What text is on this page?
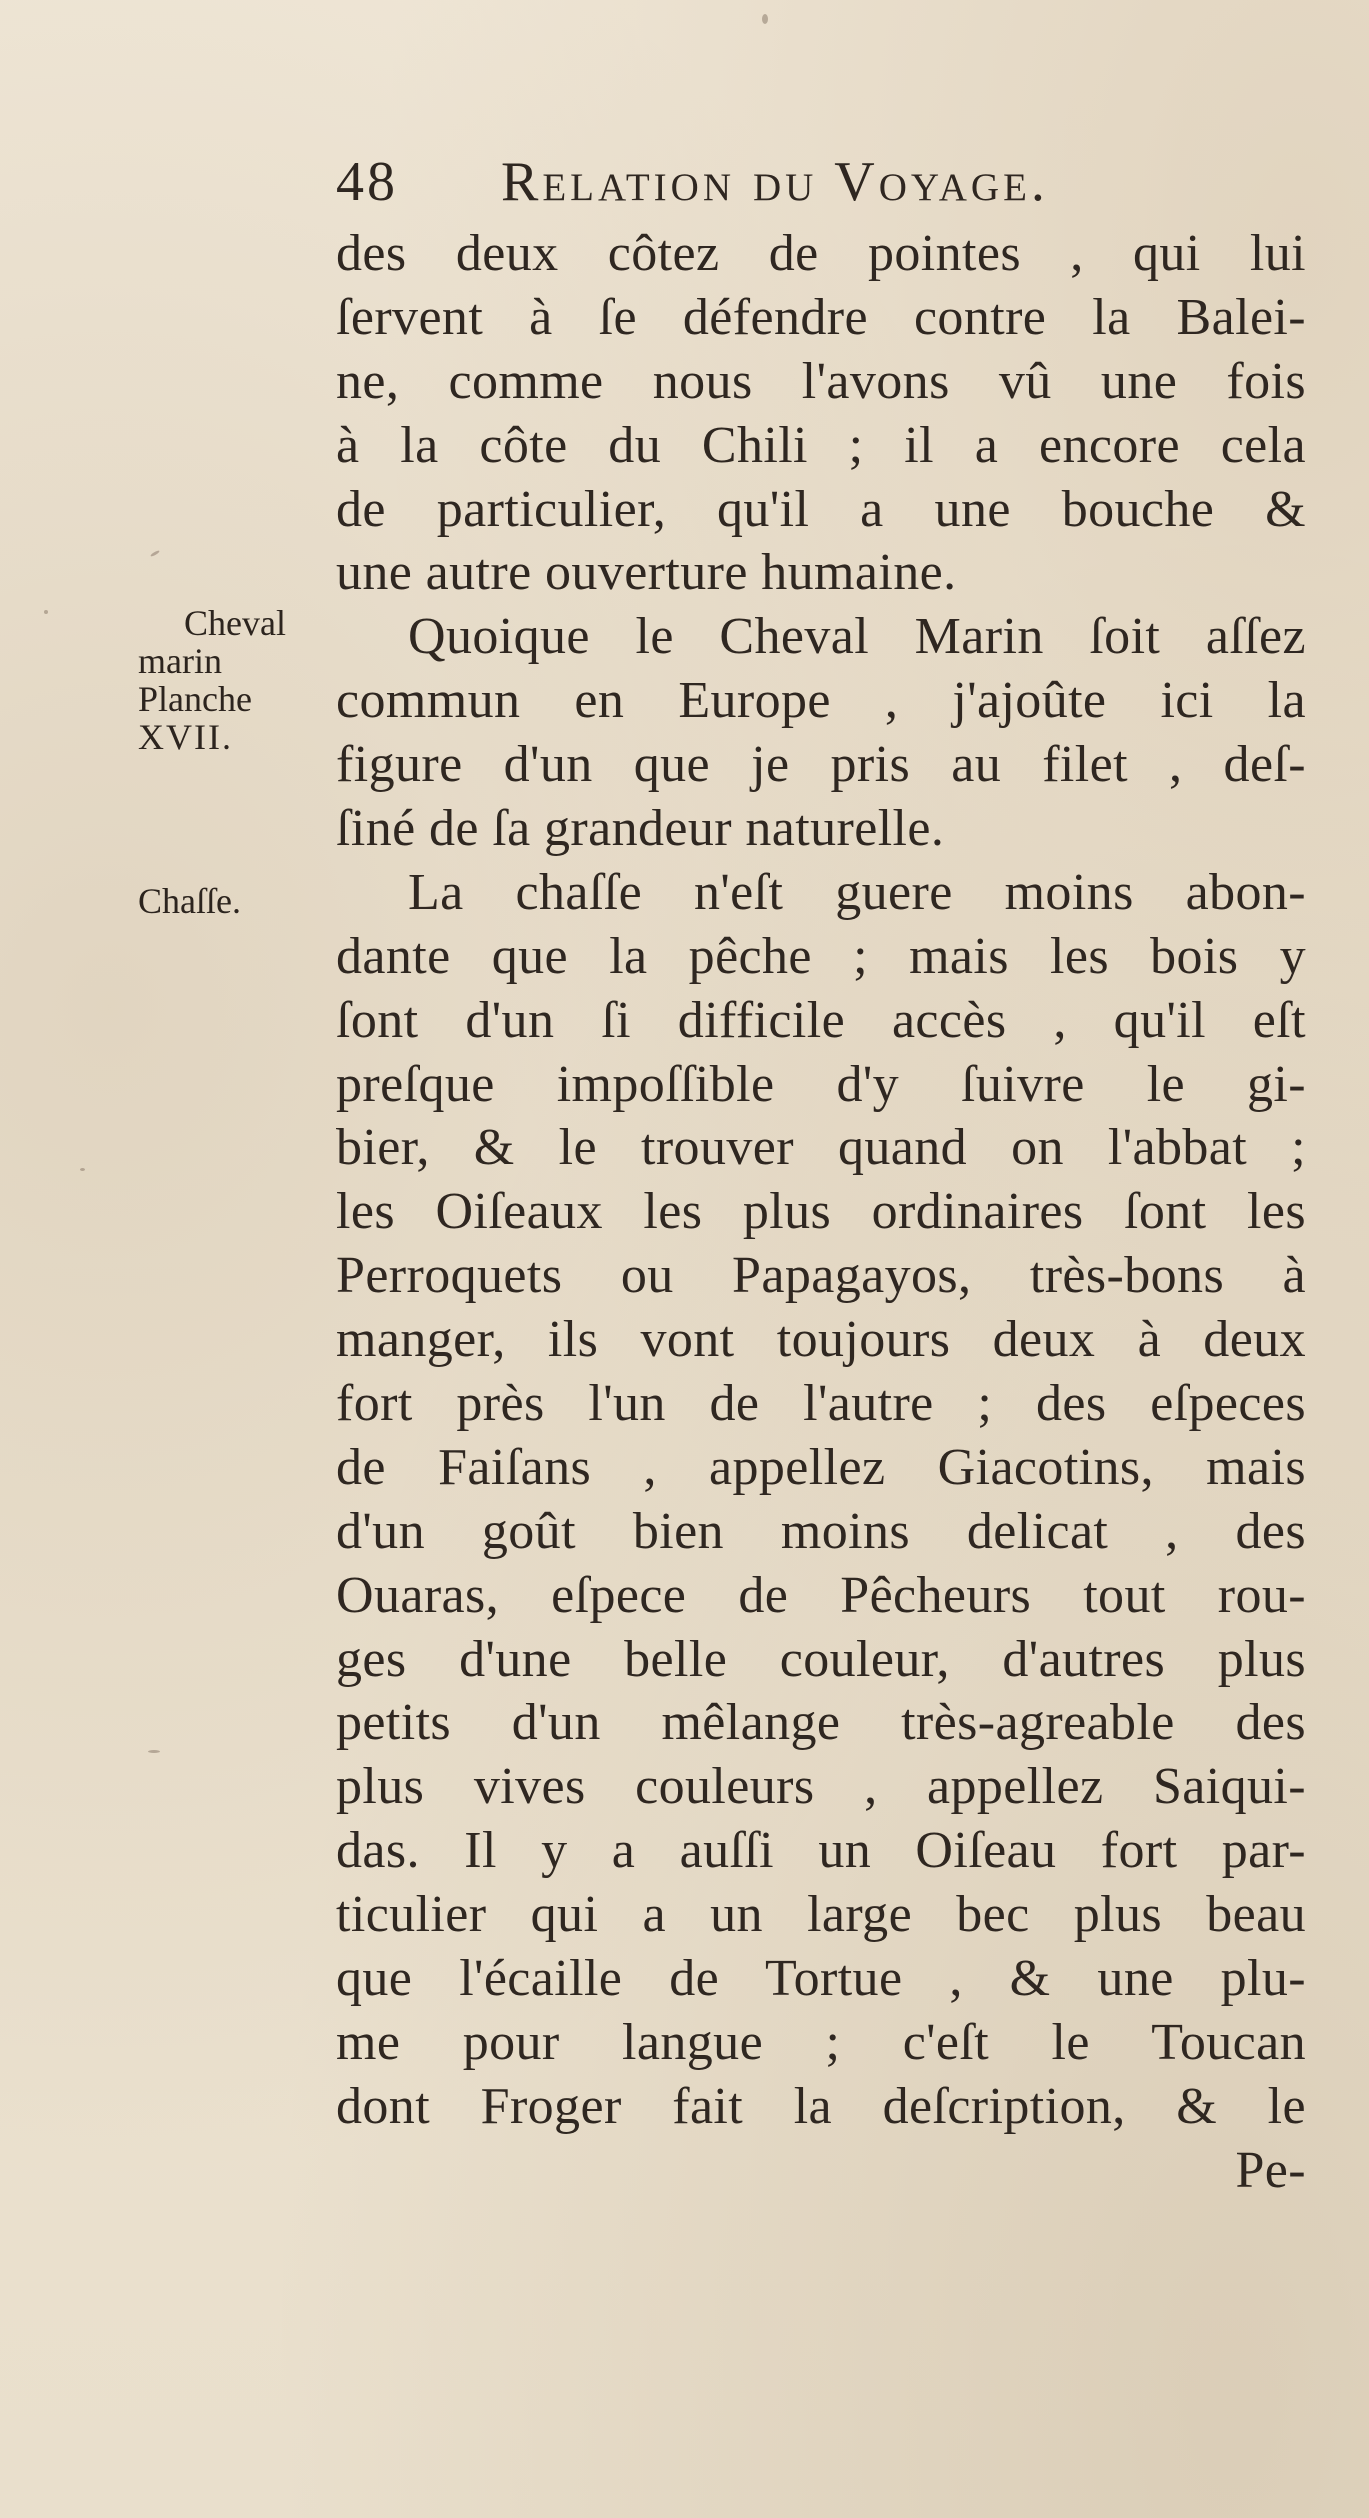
48 Relation du Voyage.
Cheval
marin
Planche
XVII.
Chaſſe.
des deux côtez de pointes , qui lui
ſervent à ſe défendre contre la Balei-
ne, comme nous l'avons vû une fois
à la côte du Chili ; il a encore cela
de particulier, qu'il a une bouche &
une autre ouverture humaine.
Quoique le Cheval Marin ſoit aſſez
commun en Europe , j'ajoûte ici la
figure d'un que je pris au filet , deſ-
ſiné de ſa grandeur naturelle.
La chaſſe n'eſt guere moins abon-
dante que la pêche ; mais les bois y
ſont d'un ſi difficile accès , qu'il eſt
preſque impoſſible d'y ſuivre le gi-
bier, & le trouver quand on l'abbat ;
les Oiſeaux les plus ordinaires ſont les
Perroquets ou Papagayos, très-bons à
manger, ils vont toujours deux à deux
fort près l'un de l'autre ; des eſpeces
de Faiſans , appellez Giacotins, mais
d'un goût bien moins delicat , des
Ouaras, eſpece de Pêcheurs tout rou-
ges d'une belle couleur, d'autres plus
petits d'un mêlange très-agreable des
plus vives couleurs , appellez Saiqui-
das. Il y a auſſi un Oiſeau fort par-
ticulier qui a un large bec plus beau
que l'écaille de Tortue , & une plu-
me pour langue ; c'eſt le Toucan
dont Froger fait la deſcription, & le
Pe-
